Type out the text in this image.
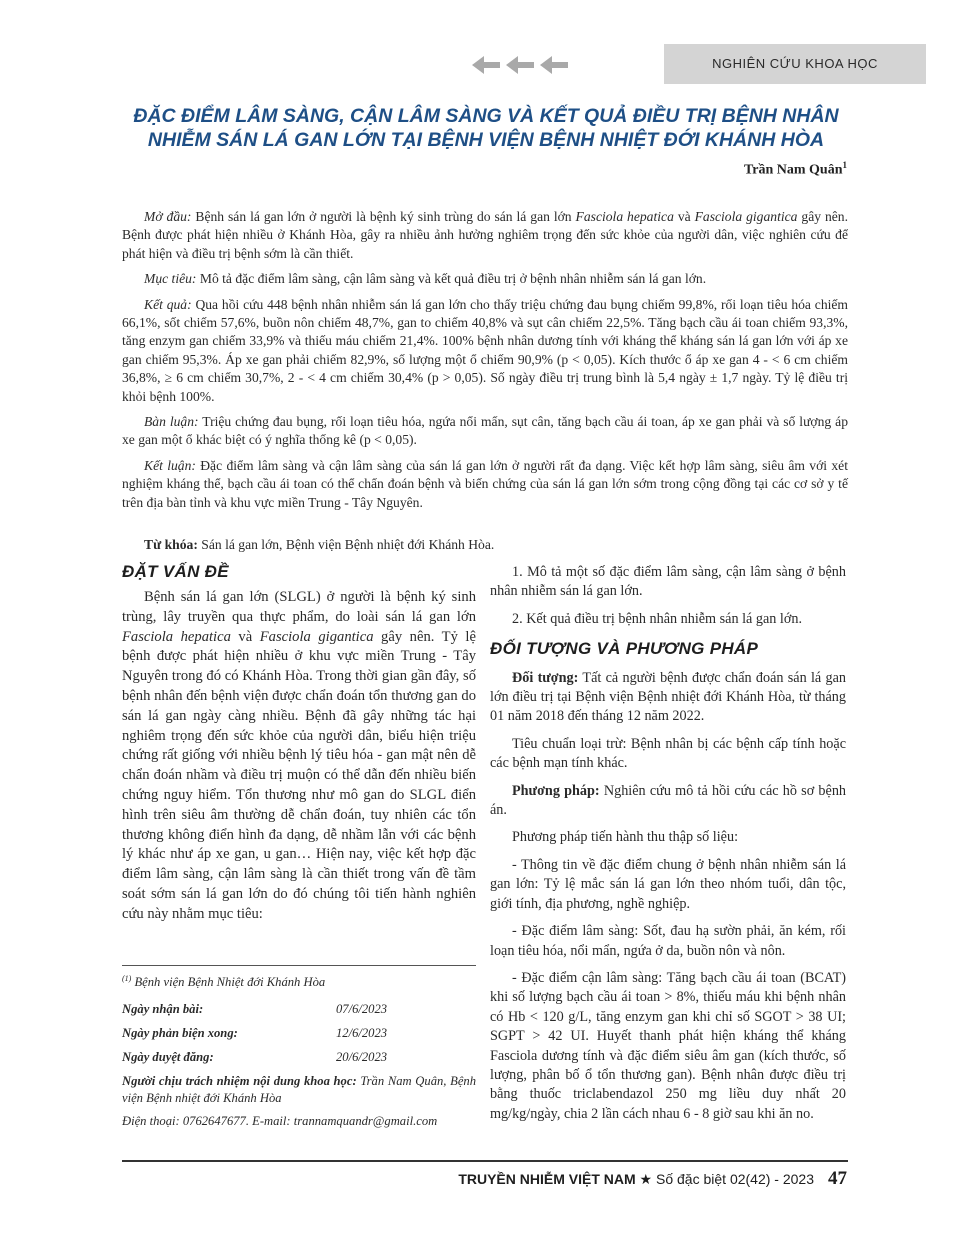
NGHIÊN CỨU KHOA HỌC
ĐẶC ĐIỂM LÂM SÀNG, CẬN LÂM SÀNG VÀ KẾT QUẢ ĐIỀU TRỊ BỆNH NHÂN NHIỄM SÁN LÁ GAN LỚN TẠI BỆNH VIỆN BỆNH NHIỆT ĐỚI KHÁNH HÒA
Trần Nam Quân$^1$

Mở đầu: Bệnh sán lá gan lớn ở người là bệnh ký sinh trùng do sán lá gan lớn Fasciola hepatica và Fasciola gigantica gây nên. Bệnh được phát hiện nhiều ở Khánh Hòa, gây ra nhiều ảnh hưởng nghiêm trọng đến sức khỏe của người dân, việc nghiên cứu để phát hiện và điều trị bệnh sớm là cần thiết.

Mục tiêu: Mô tả đặc điểm lâm sàng, cận lâm sàng và kết quả điều trị ở bệnh nhân nhiễm sán lá gan lớn.

Kết quả: Qua hồi cứu 448 bệnh nhân nhiễm sán lá gan lớn cho thấy triệu chứng đau bụng chiếm 99,8%, rối loạn tiêu hóa chiếm 66,1%, sốt chiếm 57,6%, buồn nôn chiếm 48,7%, gan to chiếm 40,8% và sụt cân chiếm 22,5%. Tăng bạch cầu ái toan chiếm 93,3%, tăng enzym gan chiếm 33,9% và thiếu máu chiếm 21,4%. 100% bệnh nhân dương tính với kháng thể kháng sán lá gan lớn với áp xe gan chiếm 95,3%. Áp xe gan phải chiếm 82,9%, số lượng một ổ chiếm 90,9% (p < 0,05). Kích thước ổ áp xe gan 4 - < 6 cm chiếm 36,8%, ≥ 6 cm chiếm 30,7%, 2 - < 4 cm chiếm 30,4% (p > 0,05). Số ngày điều trị trung bình là 5,4 ngày ± 1,7 ngày. Tỷ lệ điều trị khỏi bệnh 100%.

Bàn luận: Triệu chứng đau bụng, rối loạn tiêu hóa, ngứa nổi mẩn, sụt cân, tăng bạch cầu ái toan, áp xe gan phải và số lượng áp xe gan một ổ khác biệt có ý nghĩa thống kê (p < 0,05).

Kết luận: Đặc điểm lâm sàng và cận lâm sàng của sán lá gan lớn ở người rất đa dạng. Việc kết hợp lâm sàng, siêu âm với xét nghiệm kháng thể, bạch cầu ái toan có thể chẩn đoán bệnh và biến chứng của sán lá gan lớn sớm trong cộng đồng tại các cơ sở y tế trên địa bàn tỉnh và khu vực miền Trung - Tây Nguyên.

Từ khóa: Sán lá gan lớn, Bệnh viện Bệnh nhiệt đới Khánh Hòa.
ĐẶT VẤN ĐỀ

Bệnh sán lá gan lớn (SLGL) ở người là bệnh ký sinh trùng, lây truyền qua thực phẩm, do loài sán lá gan lớn Fasciola hepatica và Fasciola gigantica gây nên. Tỷ lệ bệnh được phát hiện nhiều ở khu vực miền Trung - Tây Nguyên trong đó có Khánh Hòa. Trong thời gian gần đây, số bệnh nhân đến bệnh viện được chẩn đoán tổn thương gan do sán lá gan ngày càng nhiều. Bệnh đã gây những tác hại nghiêm trọng đến sức khỏe của người dân, biểu hiện triệu chứng rất giống với nhiều bệnh lý tiêu hóa - gan mật nên dễ chẩn đoán nhầm và điều trị muộn có thể dẫn đến nhiều biến chứng nguy hiểm. Tổn thương như mô gan do SLGL điển hình trên siêu âm thường dễ chẩn đoán, tuy nhiên các tổn thương không điển hình đa dạng, dễ nhầm lẫn với các bệnh lý khác như áp xe gan, u gan… Hiện nay, việc kết hợp đặc điểm lâm sàng, cận lâm sàng là cần thiết trong vấn đề tầm soát sớm sán lá gan lớn do đó chúng tôi tiến hành nghiên cứu này nhằm mục tiêu:

1. Mô tả một số đặc điểm lâm sàng, cận lâm sàng ở bệnh nhân nhiễm sán lá gan lớn.

2. Kết quả điều trị bệnh nhân nhiễm sán lá gan lớn.

ĐỐI TƯỢNG VÀ PHƯƠNG PHÁP

Đối tượng: Tất cả người bệnh được chẩn đoán sán lá gan lớn điều trị tại Bệnh viện Bệnh nhiệt đới Khánh Hòa, từ tháng 01 năm 2018 đến tháng 12 năm 2022.

Tiêu chuẩn loại trừ: Bệnh nhân bị các bệnh cấp tính hoặc các bệnh mạn tính khác.

Phương pháp: Nghiên cứu mô tả hồi cứu các hồ sơ bệnh án.

Phương pháp tiến hành thu thập số liệu:

- Thông tin về đặc điểm chung ở bệnh nhân nhiễm sán lá gan lớn: Tỷ lệ mắc sán lá gan lớn theo nhóm tuổi, dân tộc, giới tính, địa phương, nghề nghiệp.

- Đặc điểm lâm sàng: Sốt, đau hạ sườn phải, ăn kém, rối loạn tiêu hóa, nổi mẩn, ngứa ở da, buồn nôn và nôn.

- Đặc điểm cận lâm sàng: Tăng bạch cầu ái toan (BCAT) khi số lượng bạch cầu ái toan > 8%, thiếu máu khi bệnh nhân có Hb < 120 g/L, tăng enzym gan khi chỉ số SGOT > 38 UI; SGPT > 42 UI. Huyết thanh phát hiện kháng thể kháng Fasciola dương tính và đặc điểm siêu âm gan (kích thước, số lượng, phân bố ổ tổn thương gan). Bệnh nhân được điều trị bằng thuốc triclabendazol 250 mg liều duy nhất 20 mg/kg/ngày, chia 2 lần cách nhau 6 - 8 giờ sau khi ăn no.

$^{(1)}$ Bệnh viện Bệnh Nhiệt đới Khánh Hòa

Ngày nhận bài:	07/6/2023
Ngày phản biện xong:	12/6/2023
Ngày duyệt đăng:	20/6/2023

Người chịu trách nhiệm nội dung khoa học: Trần Nam Quân, Bệnh viện Bệnh nhiệt đới Khánh Hòa

Điện thoại: 0762647677. E-mail: trannamquandr@gmail.com

TRUYỀN NHIỄM VIỆT NAM ★ Số đặc biệt 02(42) - 2023 47
